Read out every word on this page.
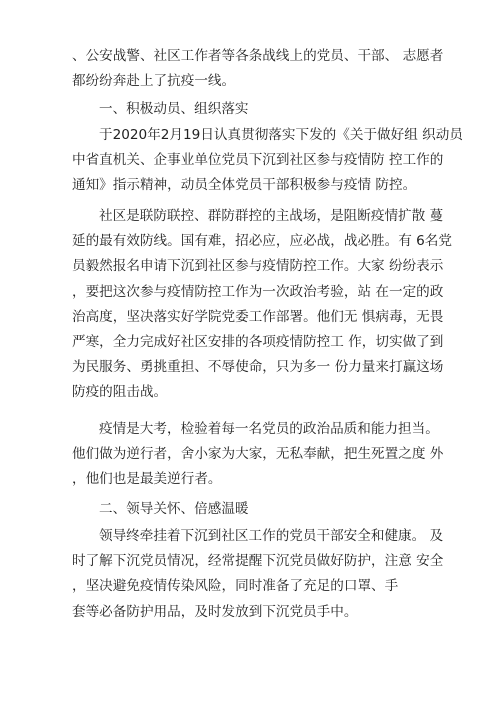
、公安战警、社区工作者等各条战线上的党员、干部、 志愿者
都纷纷奔赴上了抗疫一线。
一、积极动员、组织落实
于2020年2月19日认真贯彻落实下发的《关于做好组 织动员
中省直机关、企事业单位党员下沉到社区参与疫情防 控工作的
通知》指示精神，动员全体党员干部积极参与疫情 防控。
社区是联防联控、群防群控的主战场，是阻断疫情扩散 蔓
延的最有效防线。国有难，招必应，应必战，战必胜。有 6名党
员毅然报名申请下沉到社区参与疫情防控工作。大家 纷纷表示
，要把这次参与疫情防控工作为一次政治考验，站 在一定的政
治高度，坚决落实好学院党委工作部署。他们无 惧病毒，无畏
严寒，全力完成好社区安排的各项疫情防控工 作，切实做了到
为民服务、勇挑重担、不辱使命，只为多一 份力量来打赢这场
防疫的阻击战。
疫情是大考，检验着每一名党员的政治品质和能力担当。
他们做为逆行者，舍小家为大家，无私奉献，把生死置之度 外
，他们也是最美逆行者。
二、领导关怀、倍感温暖
领导终牵挂着下沉到社区工作的党员干部安全和健康。 及
时了解下沉党员情况，经常提醒下沉党员做好防护，注意 安全
，坚决避免疫情传染风险，同时准备了充足的口罩、手
套等必备防护用品，及时发放到下沉党员手中。
